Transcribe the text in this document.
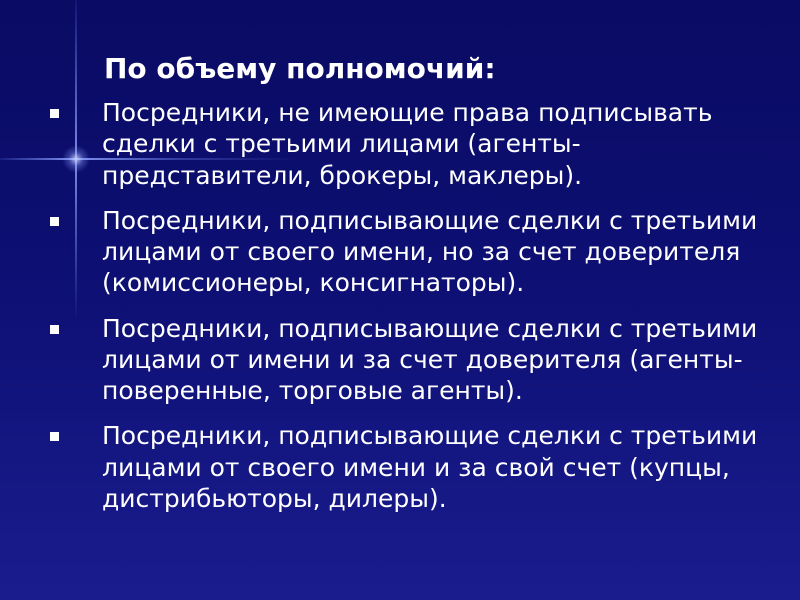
По объему полномочий:
Посредники, не имеющие права подписывать сделки с третьими лицами (агенты-представители, брокеры, маклеры).
Посредники, подписывающие сделки с третьими лицами от своего имени, но за счет доверителя (комиссионеры, консигнаторы).
Посредники, подписывающие сделки с третьими лицами от имени и за счет доверителя (агенты-поверенные, торговые агенты).
Посредники, подписывающие сделки с третьими лицами от своего имени и за свой счет (купцы, дистрибьюторы, дилеры).
